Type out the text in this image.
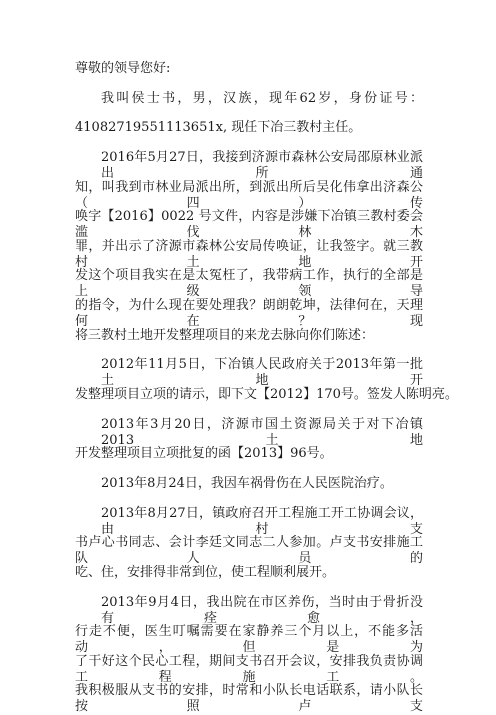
尊敬的领导您好:
我叫侯士书，男，汉族，现年62岁，身份证号：
41082719551113651x, 现任下冶三教村主任。
2016年5月27日，我接到济源市森林公安局邵原林业派出所通
知，叫我到市林业局派出所，到派出所后吴化伟拿出济森公（四）传
唤字【2016】0022 号文件，内容是涉嫌下冶镇三教村委会滥伐林木
罪，并出示了济源市森林公安局传唤证，让我签字。就三教村土地开
发这个项目我实在是太冤枉了，我带病工作，执行的全部是上级领导
的指令，为什么现在要处理我？朗朗乾坤，法律何在，天理何在？现
将三教村土地开发整理项目的来龙去脉向你们陈述：
2012年11月5日，下冶镇人民政府关于2013年第一批土地开
发整理项目立项的请示，即下文【2012】170号。签发人陈明亮。
2013年3月20日，济源市国土资源局关于对下冶镇2013土地
开发整理项目立项批复的函【2013】96号。
2013年8月24日，我因车祸骨伤在人民医院治疗。
2013年8月27日，镇政府召开工程施工开工协调会议，由村支
书卢心书同志、会计李廷文同志二人参加。卢支书安排施工队人员的
吃、住，安排得非常到位，使工程顺利展开。
2013年9月4日，我出院在市区养伤，当时由于骨折没有痊愈，
行走不便，医生叮嘱需要在家静养三个月以上，不能多活动，但是为
了干好这个民心工程，期间支书召开会议，安排我负责协调工程施工。
我积极服从支书的安排，时常和小队长电话联系，请小队长按照卢支
